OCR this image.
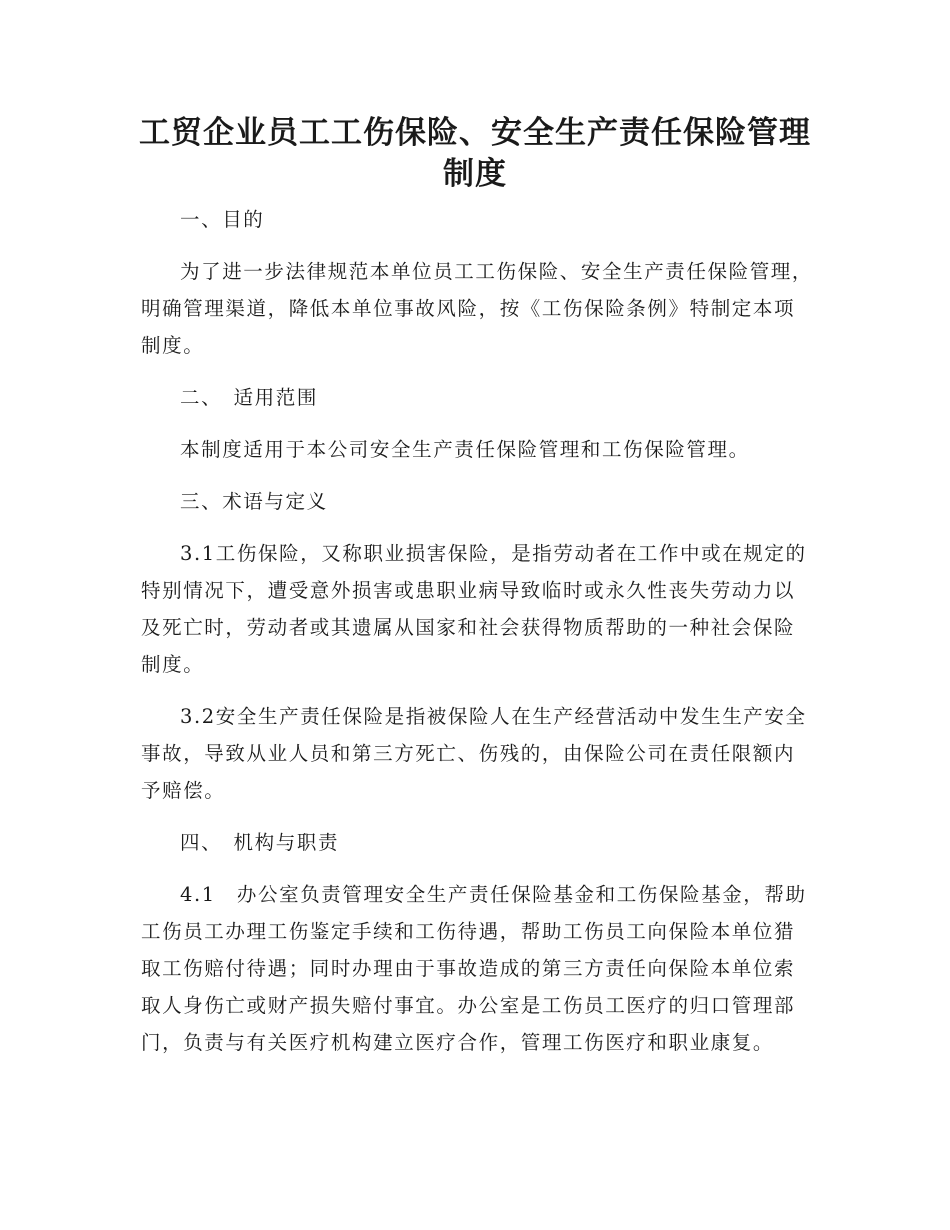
工贸企业员工工伤保险、安全生产责任保险管理
制度

一、目的

为了进一步法律规范本单位员工工伤保险、安全生产责任保险管理，明确管理渠道，降低本单位事故风险，按《工伤保险条例》特制定本项制度。

二、　适用范围

本制度适用于本公司安全生产责任保险管理和工伤保险管理。

三、术语与定义

3.1工伤保险，又称职业损害保险，是指劳动者在工作中或在规定的特别情况下，遭受意外损害或患职业病导致临时或永久性丧失劳动力以及死亡时，劳动者或其遗属从国家和社会获得物质帮助的一种社会保险制度。

3.2安全生产责任保险是指被保险人在生产经营活动中发生生产安全事故，导致从业人员和第三方死亡、伤残的，由保险公司在责任限额内予赔偿。

四、　机构与职责

4.1　办公室负责管理安全生产责任保险基金和工伤保险基金，帮助工伤员工办理工伤鉴定手续和工伤待遇，帮助工伤员工向保险本单位猎取工伤赔付待遇；同时办理由于事故造成的第三方责任向保险本单位索取人身伤亡或财产损失赔付事宜。办公室是工伤员工医疗的归口管理部门，负责与有关医疗机构建立医疗合作，管理工伤医疗和职业康复。
